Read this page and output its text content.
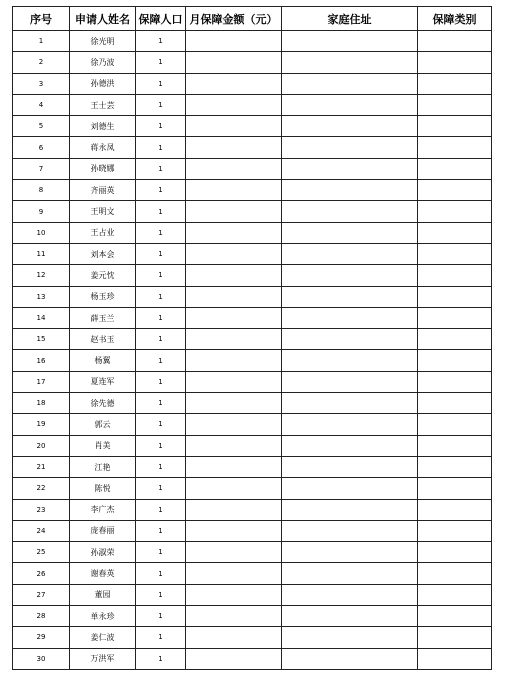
序号	申请人姓名	保障人口	月保障金额（元）	家庭住址	保障类别
1	徐光明	1			
2	徐乃波	1			
3	孙德洪	1			
4	王士芸	1			
5	刘德生	1			
6	蒋永凤	1			
7	孙晓娜	1			
8	齐丽英	1			
9	王明文	1			
10	王占业	1			
11	刘本会	1			
12	姜元忱	1			
13	杨玉珍	1			
14	薛玉兰	1			
15	赵书玉	1			
16	杨翼	1			
17	夏连军	1			
18	徐先德	1			
19	郭云	1			
20	肖美	1			
21	江艳	1			
22	陈悦	1			
23	李广杰	1			
24	庞春丽	1			
25	孙淑荣	1			
26	谢春英	1			
27	董园	1			
28	单永珍	1			
29	姜仁波	1			
30	万洪军	1			
